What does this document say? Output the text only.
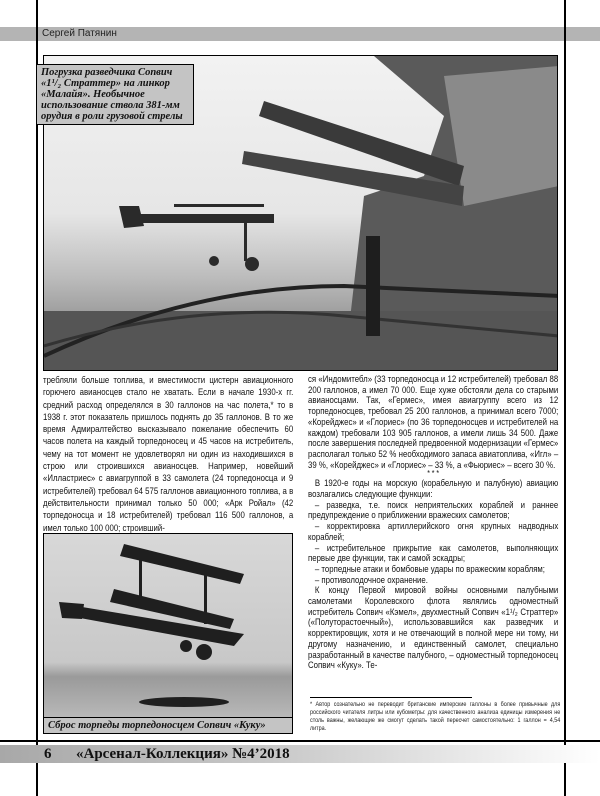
Сергей Патянин
Погрузка разведчика Сопвич «1¹/₂ Страттер» на линкор «Малайя». Необычное использование ствола 381-мм орудия в роли грузовой стрелы

требляли больше топлива, и вместимости цистерн авиационного горючего авианосцев стало не хватать. Если в начале 1930-х гг. средний расход определялся в 30 галлонов на час полета,* то в 1938 г. этот показатель пришлось поднять до 35 галлонов. В то же время Адмиралтейство высказывало пожелание обеспечить 60 часов полета на каждый торпедоносец и 45 часов на истребитель, чему на тот момент не удовлетворял ни один из находившихся в строю или строившихся авианосцев. Например, новейший «Илластриес» с авиагруппой в 33 самолета (24 торпедоносца и 9 истребителей) требовал 64 575 галлонов авиационного топлива, а в действительности принимал только 50 000; «Арк Ройал» (42 торпедоносца и 18 истребителей) требовал 116 500 галлонов, а имел только 100 000; строивший-

Сброс торпеды торпедоносцем Сопвич «Куку»

ся «Индомитебл» (33 торпедоносца и 12 истребителей) требовал 88 200 галлонов, а имел 70 000. Еще хуже обстояли дела со старыми авианосцами. Так, «Гермес», имея авиагруппу всего из 12 торпедоносцев, требовал 25 200 галлонов, а принимал всего 7000; «Корейджес» и «Глориес» (по 36 торпедоносцев и истребителей на каждом) требовали 103 905 галлонов, а имели лишь 34 500. Даже после завершения последней предвоенной модернизации «Гермес» располагал только 52 % необходимого запаса авиатоплива, «Игл» – 39 %, «Корейджес» и «Глориес» – 33 %, а «Фьюриес» – всего 30 %.

* * *

В 1920-е годы на морскую (корабельную и палубную) авиацию возлагались следующие функции:

– разведка, т.е. поиск неприятельских кораблей и раннее предупреждение о приближении вражеских самолетов;

– корректировка артиллерийского огня крупных надводных кораблей;

– истребительное прикрытие как самолетов, выполняющих первые две функции, так и самой эскадры;

– торпедные атаки и бомбовые удары по вражеским кораблям;

– противолодочное охранение.

К концу Первой мировой войны основными палубными самолетами Королевского флота являлись одноместный истребитель Сопвич «Кэмел», двухместный Сопвич «1¹/₂ Страттер» («Полуторастоечный»), использовавшийся как разведчик и корректировщик, хотя и не отвечающий в полной мере ни тому, ни другому назначению, и единственный самолет, специально разработанный в качестве палубного, – одноместный торпедоносец Сопвич «Куку». Те-

* Автор сознательно не переводит британские имперские галлоны в более привычные для российского читателя литры или кубометры: для качественного анализа единицы измерения не столь важны, желающие же смогут сделать такой пересчет самостоятельно: 1 галлон = 4,54 литра.
6 «Арсенал-Коллекция» №4’2018
